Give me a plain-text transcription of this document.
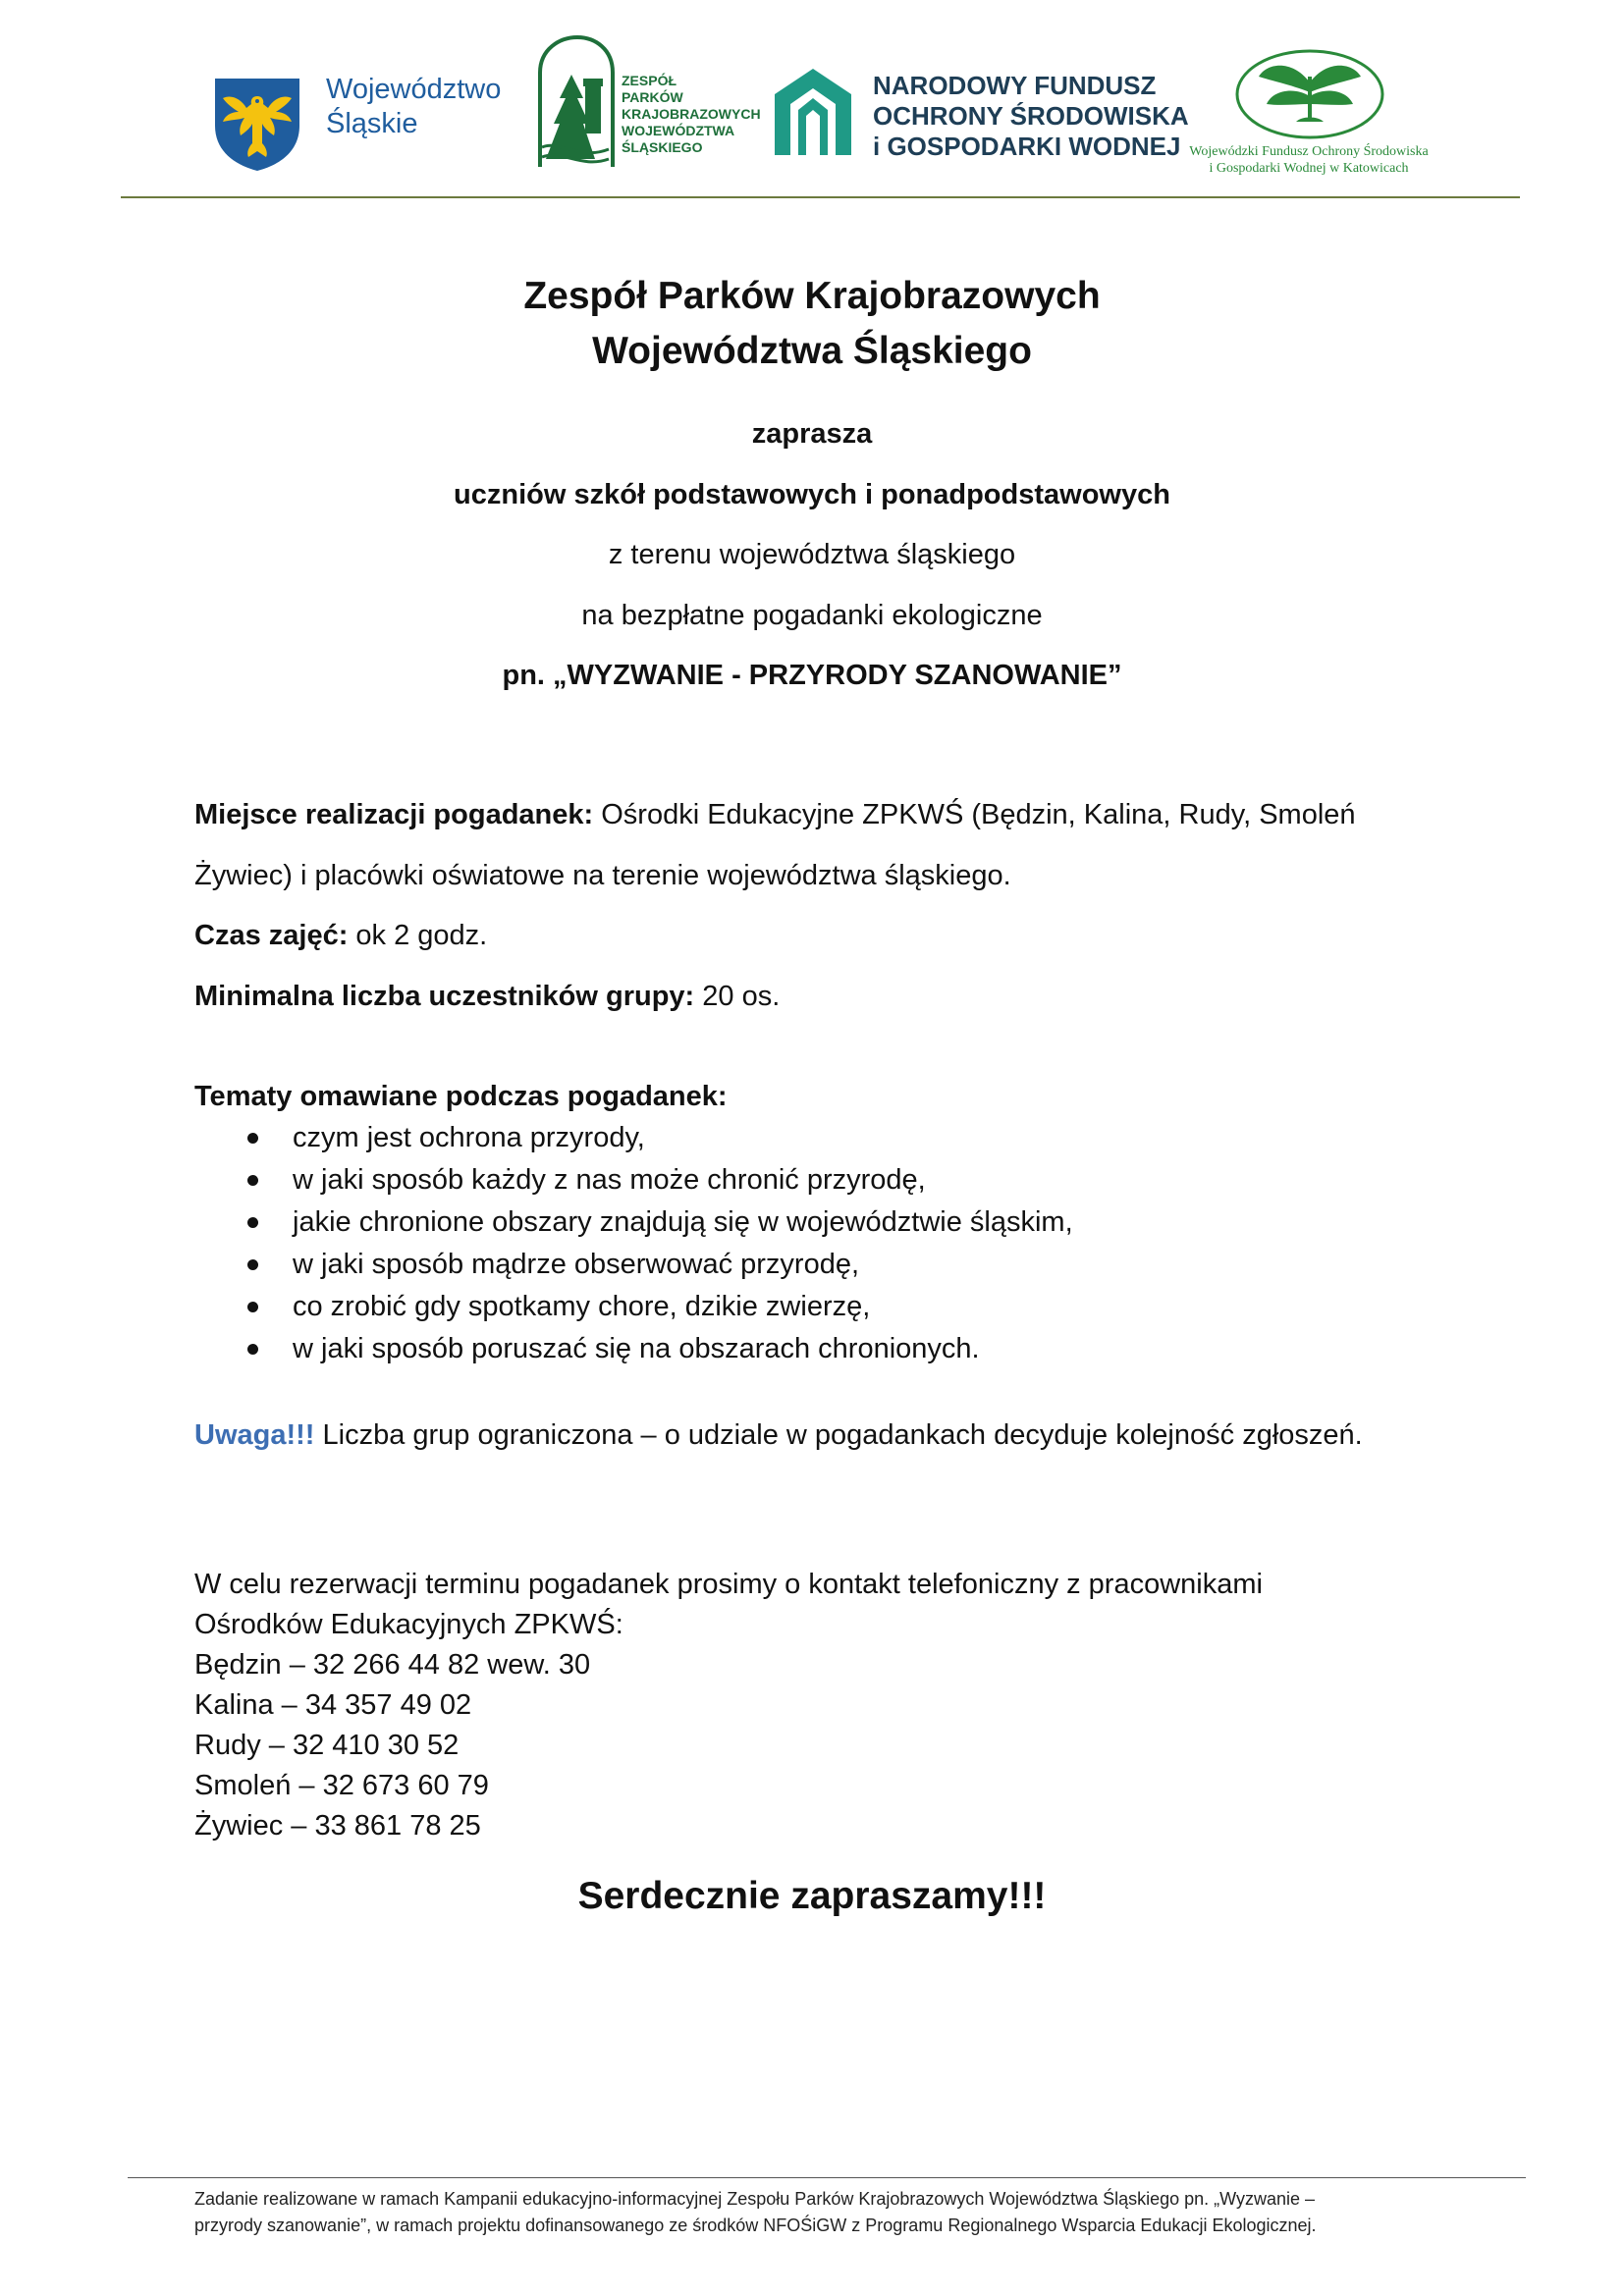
Województwo
Śląskie
ZESPÓŁ
PARKÓW
KRAJOBRAZOWYCH
WOJEWÓDZTWA
ŚLĄSKIEGO
NARODOWY FUNDUSZ
OCHRONY ŚRODOWISKA
i GOSPODARKI WODNEJ Wojewódzki Fundusz Ochrony Środowiska
i Gospodarki Wodnej w Katowicach
Zespół Parków Krajobrazowych
Województwa Śląskiego
zaprasza
uczniów szkół podstawowych i ponadpodstawowych
z terenu województwa śląskiego
na bezpłatne pogadanki ekologiczne
pn. „WYZWANIE - PRZYRODY SZANOWANIE”
Miejsce realizacji pogadanek: Ośrodki Edukacyjne ZPKWŚ (Będzin, Kalina, Rudy, Smoleń
Żywiec) i placówki oświatowe na terenie województwa śląskiego.
Czas zajęć: ok 2 godz.
Minimalna liczba uczestników grupy: 20 os.
Tematy omawiane podczas pogadanek:
czym jest ochrona przyrody,
w jaki sposób każdy z nas może chronić przyrodę,
jakie chronione obszary znajdują się w województwie śląskim,
w jaki sposób mądrze obserwować przyrodę,
co zrobić gdy spotkamy chore, dzikie zwierzę,
w jaki sposób poruszać się na obszarach chronionych.
Uwaga!!! Liczba grup ograniczona – o udziale w pogadankach decyduje kolejność zgłoszeń.
W celu rezerwacji terminu pogadanek prosimy o kontakt telefoniczny z pracownikami
Ośrodków Edukacyjnych ZPKWŚ:
Będzin – 32 266 44 82 wew. 30
Kalina – 34 357 49 02
Rudy – 32 410 30 52
Smoleń – 32 673 60 79
Żywiec – 33 861 78 25
Serdecznie zapraszamy!!!
Zadanie realizowane w ramach Kampanii edukacyjno-informacyjnej Zespołu Parków Krajobrazowych Województwa Śląskiego pn. „Wyzwanie –
przyrody szanowanie”, w ramach projektu dofinansowanego ze środków NFOŚiGW z Programu Regionalnego Wsparcia Edukacji Ekologicznej.
